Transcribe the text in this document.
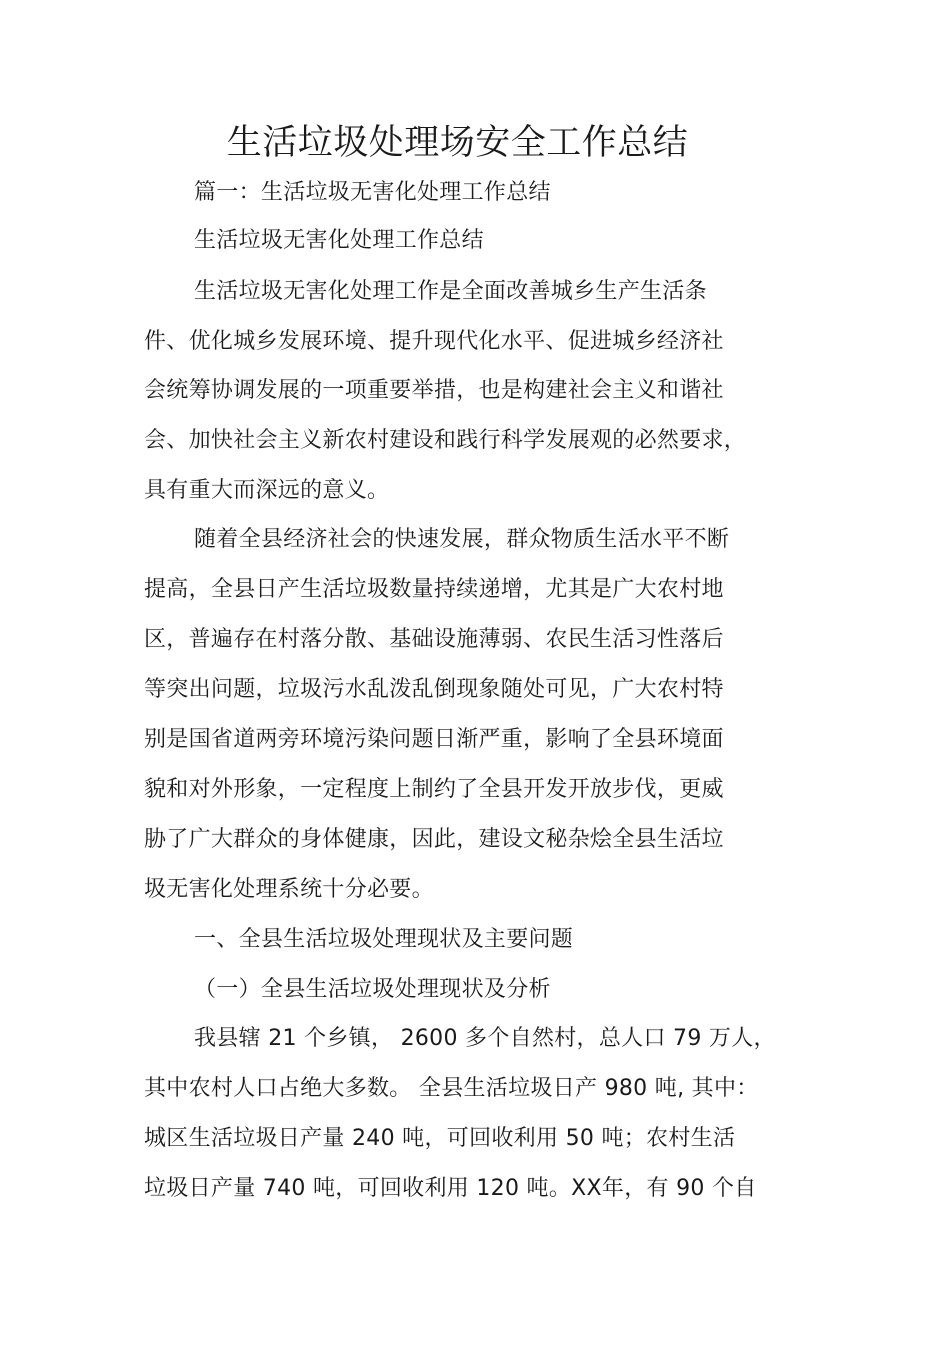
生活垃圾处理场安全工作总结
篇一：生活垃圾无害化处理工作总结
生活垃圾无害化处理工作总结
生活垃圾无害化处理工作是全面改善城乡生产生活条
件、优化城乡发展环境、提升现代化水平、促进城乡经济社
会统筹协调发展的一项重要举措，也是构建社会主义和谐社
会、加快社会主义新农村建设和践行科学发展观的必然要求，
具有重大而深远的意义。
随着全县经济社会的快速发展，群众物质生活水平不断
提高，全县日产生活垃圾数量持续递增，尤其是广大农村地
区，普遍存在村落分散、基础设施薄弱、农民生活习性落后
等突出问题，垃圾污水乱泼乱倒现象随处可见，广大农村特
别是国省道两旁环境污染问题日渐严重，影响了全县环境面
貌和对外形象，一定程度上制约了全县开发开放步伐，更威
胁了广大群众的身体健康，因此，建设文秘杂烩全县生活垃
圾无害化处理系统十分必要。
一、全县生活垃圾处理现状及主要问题
（一）全县生活垃圾处理现状及分析
我县辖 21 个乡镇， 2600 多个自然村，总人口 79 万人，
其中农村人口占绝大多数。 全县生活垃圾日产 980 吨, 其中：
城区生活垃圾日产量 240 吨，可回收利用 50 吨；农村生活
垃圾日产量 740 吨，可回收利用 120 吨。XX年，有 90 个自
